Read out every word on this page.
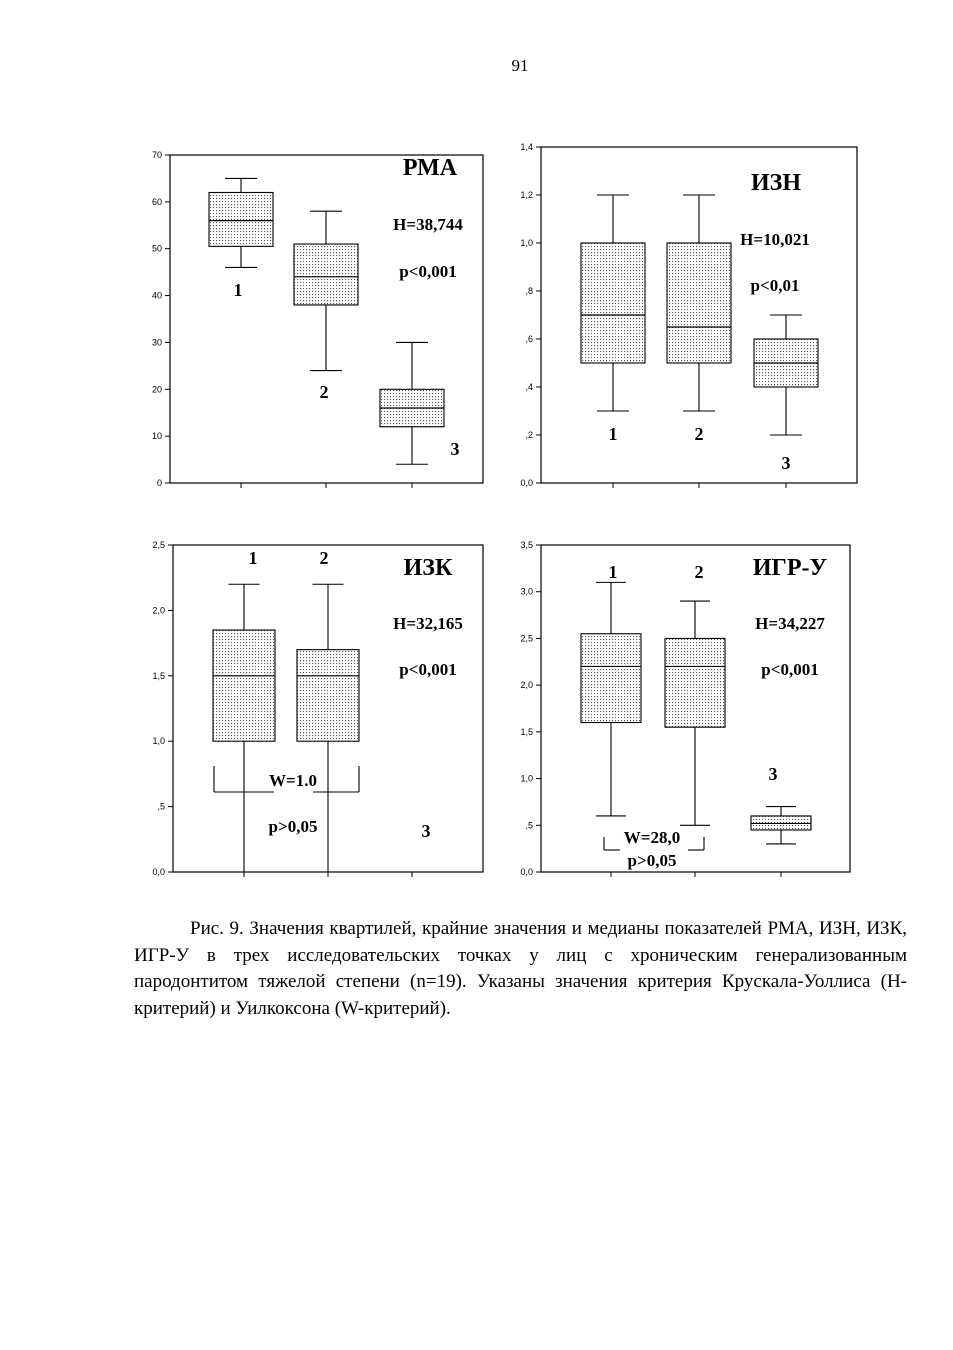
91
0
10
20
30
40
50
60
70
1
2
3
РМА
H=38,744
p<0,001
0,0
,2
,4
,6
,8
1,0
1,2
1,4
1	2
3
ИЗН
H=10,021
p<0,01
0,0
,5
1,0
1,5
2,0
2,5
1	2
3
ИЗК
H=32,165
p<0,001
W=1.0
p>0,05
0,0
,5
1,0
1,5
2,0
2,5
3,0
3,5
1	2
3
ИГР-У
H=34,227
p<0,001
W=28,0
p>0,05
Рис. 9. Значения квартилей, крайние значения и медианы показателей РМА, ИЗН, ИЗК, ИГР-У в трех исследовательских точках у лиц с хроническим генерализованным пародонтитом тяжелой степени (n=19). Указаны значения критерия Крускала-Уоллиса (Н-критерий) и Уилкоксона (W-критерий).
